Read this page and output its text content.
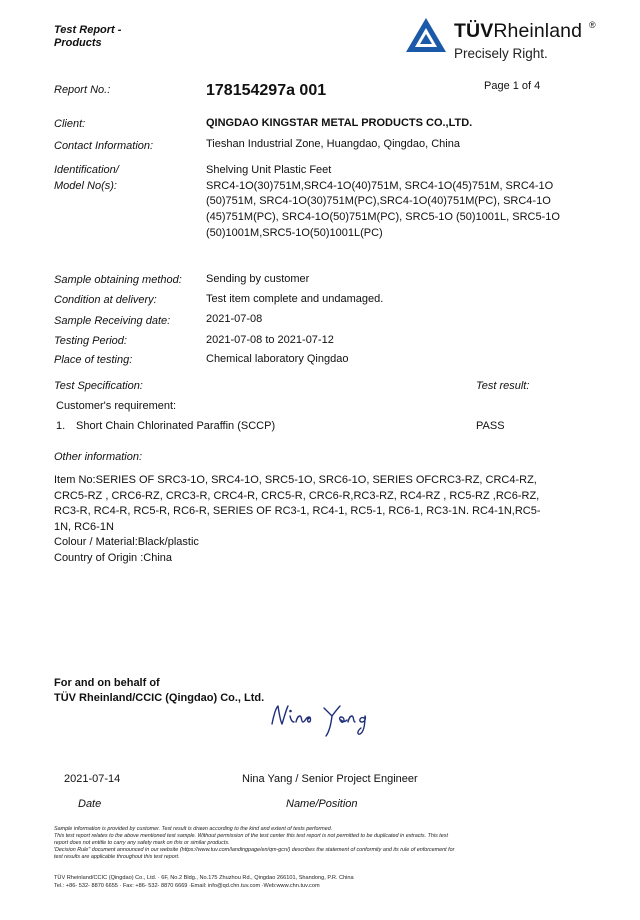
Test Report -
Products
TÜVRheinland ®
Precisely Right.
Report No.:	178154297a 001	Page 1 of 4
Client:	QINGDAO KINGSTAR METAL PRODUCTS CO.,LTD.
Contact Information:	Tieshan Industrial Zone, Huangdao, Qingdao, China
Identification/
Model No(s):
Shelving Unit Plastic Feet
SRC4-1O(30)751M,SRC4-1O(40)751M, SRC4-1O(45)751M, SRC4-1O
(50)751M, SRC4-1O(30)751M(PC),SRC4-1O(40)751M(PC), SRC4-1O
(45)751M(PC), SRC4-1O(50)751M(PC), SRC5-1O (50)1001L, SRC5-1O
(50)1001M,SRC5-1O(50)1001L(PC)
Sample obtaining method: Sending by customer
Condition at delivery:	Test item complete and undamaged.
Sample Receiving date:	2021-07-08
Testing Period:	2021-07-08 to 2021-07-12
Place of testing:	Chemical laboratory Qingdao
Test Specification:	Test result:
Customer's requirement:
1. Short Chain Chlorinated Paraffin (SCCP)	PASS
Other information:
Item No:SERIES OF SRC3-1O, SRC4-1O, SRC5-1O, SRC6-1O, SERIES OFCRC3-RZ, CRC4-RZ,
CRC5-RZ , CRC6-RZ, CRC3-R, CRC4-R, CRC5-R, CRC6-R,RC3-RZ, RC4-RZ , RC5-RZ ,RC6-RZ,
RC3-R, RC4-R, RC5-R, RC6-R, SERIES OF RC3-1, RC4-1, RC5-1, RC6-1, RC3-1N. RC4-1N,RC5-
1N, RC6-1N
Colour / Material:Black/plastic
Country of Origin :China
For and on behalf of
TÜV Rheinland/CCIC (Qingdao) Co., Ltd.
2021-07-14	Nina Yang / Senior Project Engineer
Date	Name/Position
Sample information is provided by customer. Test result is drawn according to the kind and extent of tests performed.
This test report relates to the above mentioned test sample. Without permission of the test center this test report is not permitted to be duplicated in extracts. This test
report does not entitle to carry any safety mark on this or similar products.
'Decision Rule" document announced in our website (https://www.tuv.com/landingpage/en/qm-gcn/) describes the statement of conformity and its rule of enforcement for
test results are applicable throughout this test report.
TÜV Rheinland/CCIC (Qingdao) Co., Ltd. · 6F, No.2 Bldg., No.175 Zhuzhou Rd., Qingdao 266101, Shandong, P.R. China
Tel.: +86- 532- 8870 6655 · Fax: +86- 532- 8870 6669 ·Email: info@qd.chn.tuv.com ·Web:www.chn.tuv.com
